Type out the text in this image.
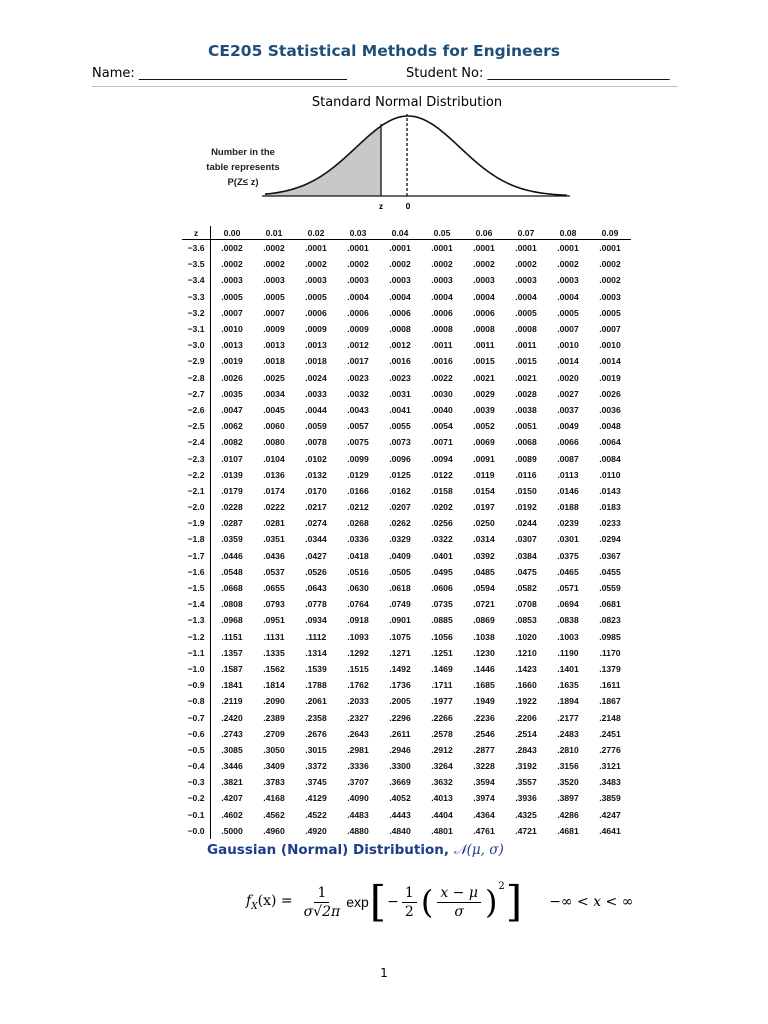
CE205 Statistical Methods for Engineers
Name: ________________________________	Student No: ____________________________
Standard Normal Distribution
z	0
Number in the
table represents
P(Z≤ z)
z	0.00	0.01	0.02	0.03	0.04	0.05	0.06	0.07	0.08	0.09
−3.6	.0002	.0002	.0001	.0001	.0001	.0001	.0001	.0001	.0001	.0001
−3.5	.0002	.0002	.0002	.0002	.0002	.0002	.0002	.0002	.0002	.0002
−3.4	.0003	.0003	.0003	.0003	.0003	.0003	.0003	.0003	.0003	.0002
−3.3	.0005	.0005	.0005	.0004	.0004	.0004	.0004	.0004	.0004	.0003
−3.2	.0007	.0007	.0006	.0006	.0006	.0006	.0006	.0005	.0005	.0005
−3.1	.0010	.0009	.0009	.0009	.0008	.0008	.0008	.0008	.0007	.0007
−3.0	.0013	.0013	.0013	.0012	.0012	.0011	.0011	.0011	.0010	.0010
−2.9	.0019	.0018	.0018	.0017	.0016	.0016	.0015	.0015	.0014	.0014
−2.8	.0026	.0025	.0024	.0023	.0023	.0022	.0021	.0021	.0020	.0019
−2.7	.0035	.0034	.0033	.0032	.0031	.0030	.0029	.0028	.0027	.0026
−2.6	.0047	.0045	.0044	.0043	.0041	.0040	.0039	.0038	.0037	.0036
−2.5	.0062	.0060	.0059	.0057	.0055	.0054	.0052	.0051	.0049	.0048
−2.4	.0082	.0080	.0078	.0075	.0073	.0071	.0069	.0068	.0066	.0064
−2.3	.0107	.0104	.0102	.0099	.0096	.0094	.0091	.0089	.0087	.0084
−2.2	.0139	.0136	.0132	.0129	.0125	.0122	.0119	.0116	.0113	.0110
−2.1	.0179	.0174	.0170	.0166	.0162	.0158	.0154	.0150	.0146	.0143
−2.0	.0228	.0222	.0217	.0212	.0207	.0202	.0197	.0192	.0188	.0183
−1.9	.0287	.0281	.0274	.0268	.0262	.0256	.0250	.0244	.0239	.0233
−1.8	.0359	.0351	.0344	.0336	.0329	.0322	.0314	.0307	.0301	.0294
−1.7	.0446	.0436	.0427	.0418	.0409	.0401	.0392	.0384	.0375	.0367
−1.6	.0548	.0537	.0526	.0516	.0505	.0495	.0485	.0475	.0465	.0455
−1.5	.0668	.0655	.0643	.0630	.0618	.0606	.0594	.0582	.0571	.0559
−1.4	.0808	.0793	.0778	.0764	.0749	.0735	.0721	.0708	.0694	.0681
−1.3	.0968	.0951	.0934	.0918	.0901	.0885	.0869	.0853	.0838	.0823
−1.2	.1151	.1131	.1112	.1093	.1075	.1056	.1038	.1020	.1003	.0985
−1.1	.1357	.1335	.1314	.1292	.1271	.1251	.1230	.1210	.1190	.1170
−1.0	.1587	.1562	.1539	.1515	.1492	.1469	.1446	.1423	.1401	.1379
−0.9	.1841	.1814	.1788	.1762	.1736	.1711	.1685	.1660	.1635	.1611
−0.8	.2119	.2090	.2061	.2033	.2005	.1977	.1949	.1922	.1894	.1867
−0.7	.2420	.2389	.2358	.2327	.2296	.2266	.2236	.2206	.2177	.2148
−0.6	.2743	.2709	.2676	.2643	.2611	.2578	.2546	.2514	.2483	.2451
−0.5	.3085	.3050	.3015	.2981	.2946	.2912	.2877	.2843	.2810	.2776
−0.4	.3446	.3409	.3372	.3336	.3300	.3264	.3228	.3192	.3156	.3121
−0.3	.3821	.3783	.3745	.3707	.3669	.3632	.3594	.3557	.3520	.3483
−0.2	.4207	.4168	.4129	.4090	.4052	.4013	.3974	.3936	.3897	.3859
−0.1	.4602	.4562	.4522	.4483	.4443	.4404	.4364	.4325	.4286	.4247
−0.0	.5000	.4960	.4920	.4880	.4840	.4801	.4761	.4721	.4681	.4641
Gaussian (Normal) Distribution, 𝒩(μ, σ)
$f_X(x) = \frac{1}{\sigma√2\pi}$ exp [ − $\frac{1}{2}$ ( $\frac{x - \mu}{\sigma}$ ) 2 ] −∞ < x < ∞
1
